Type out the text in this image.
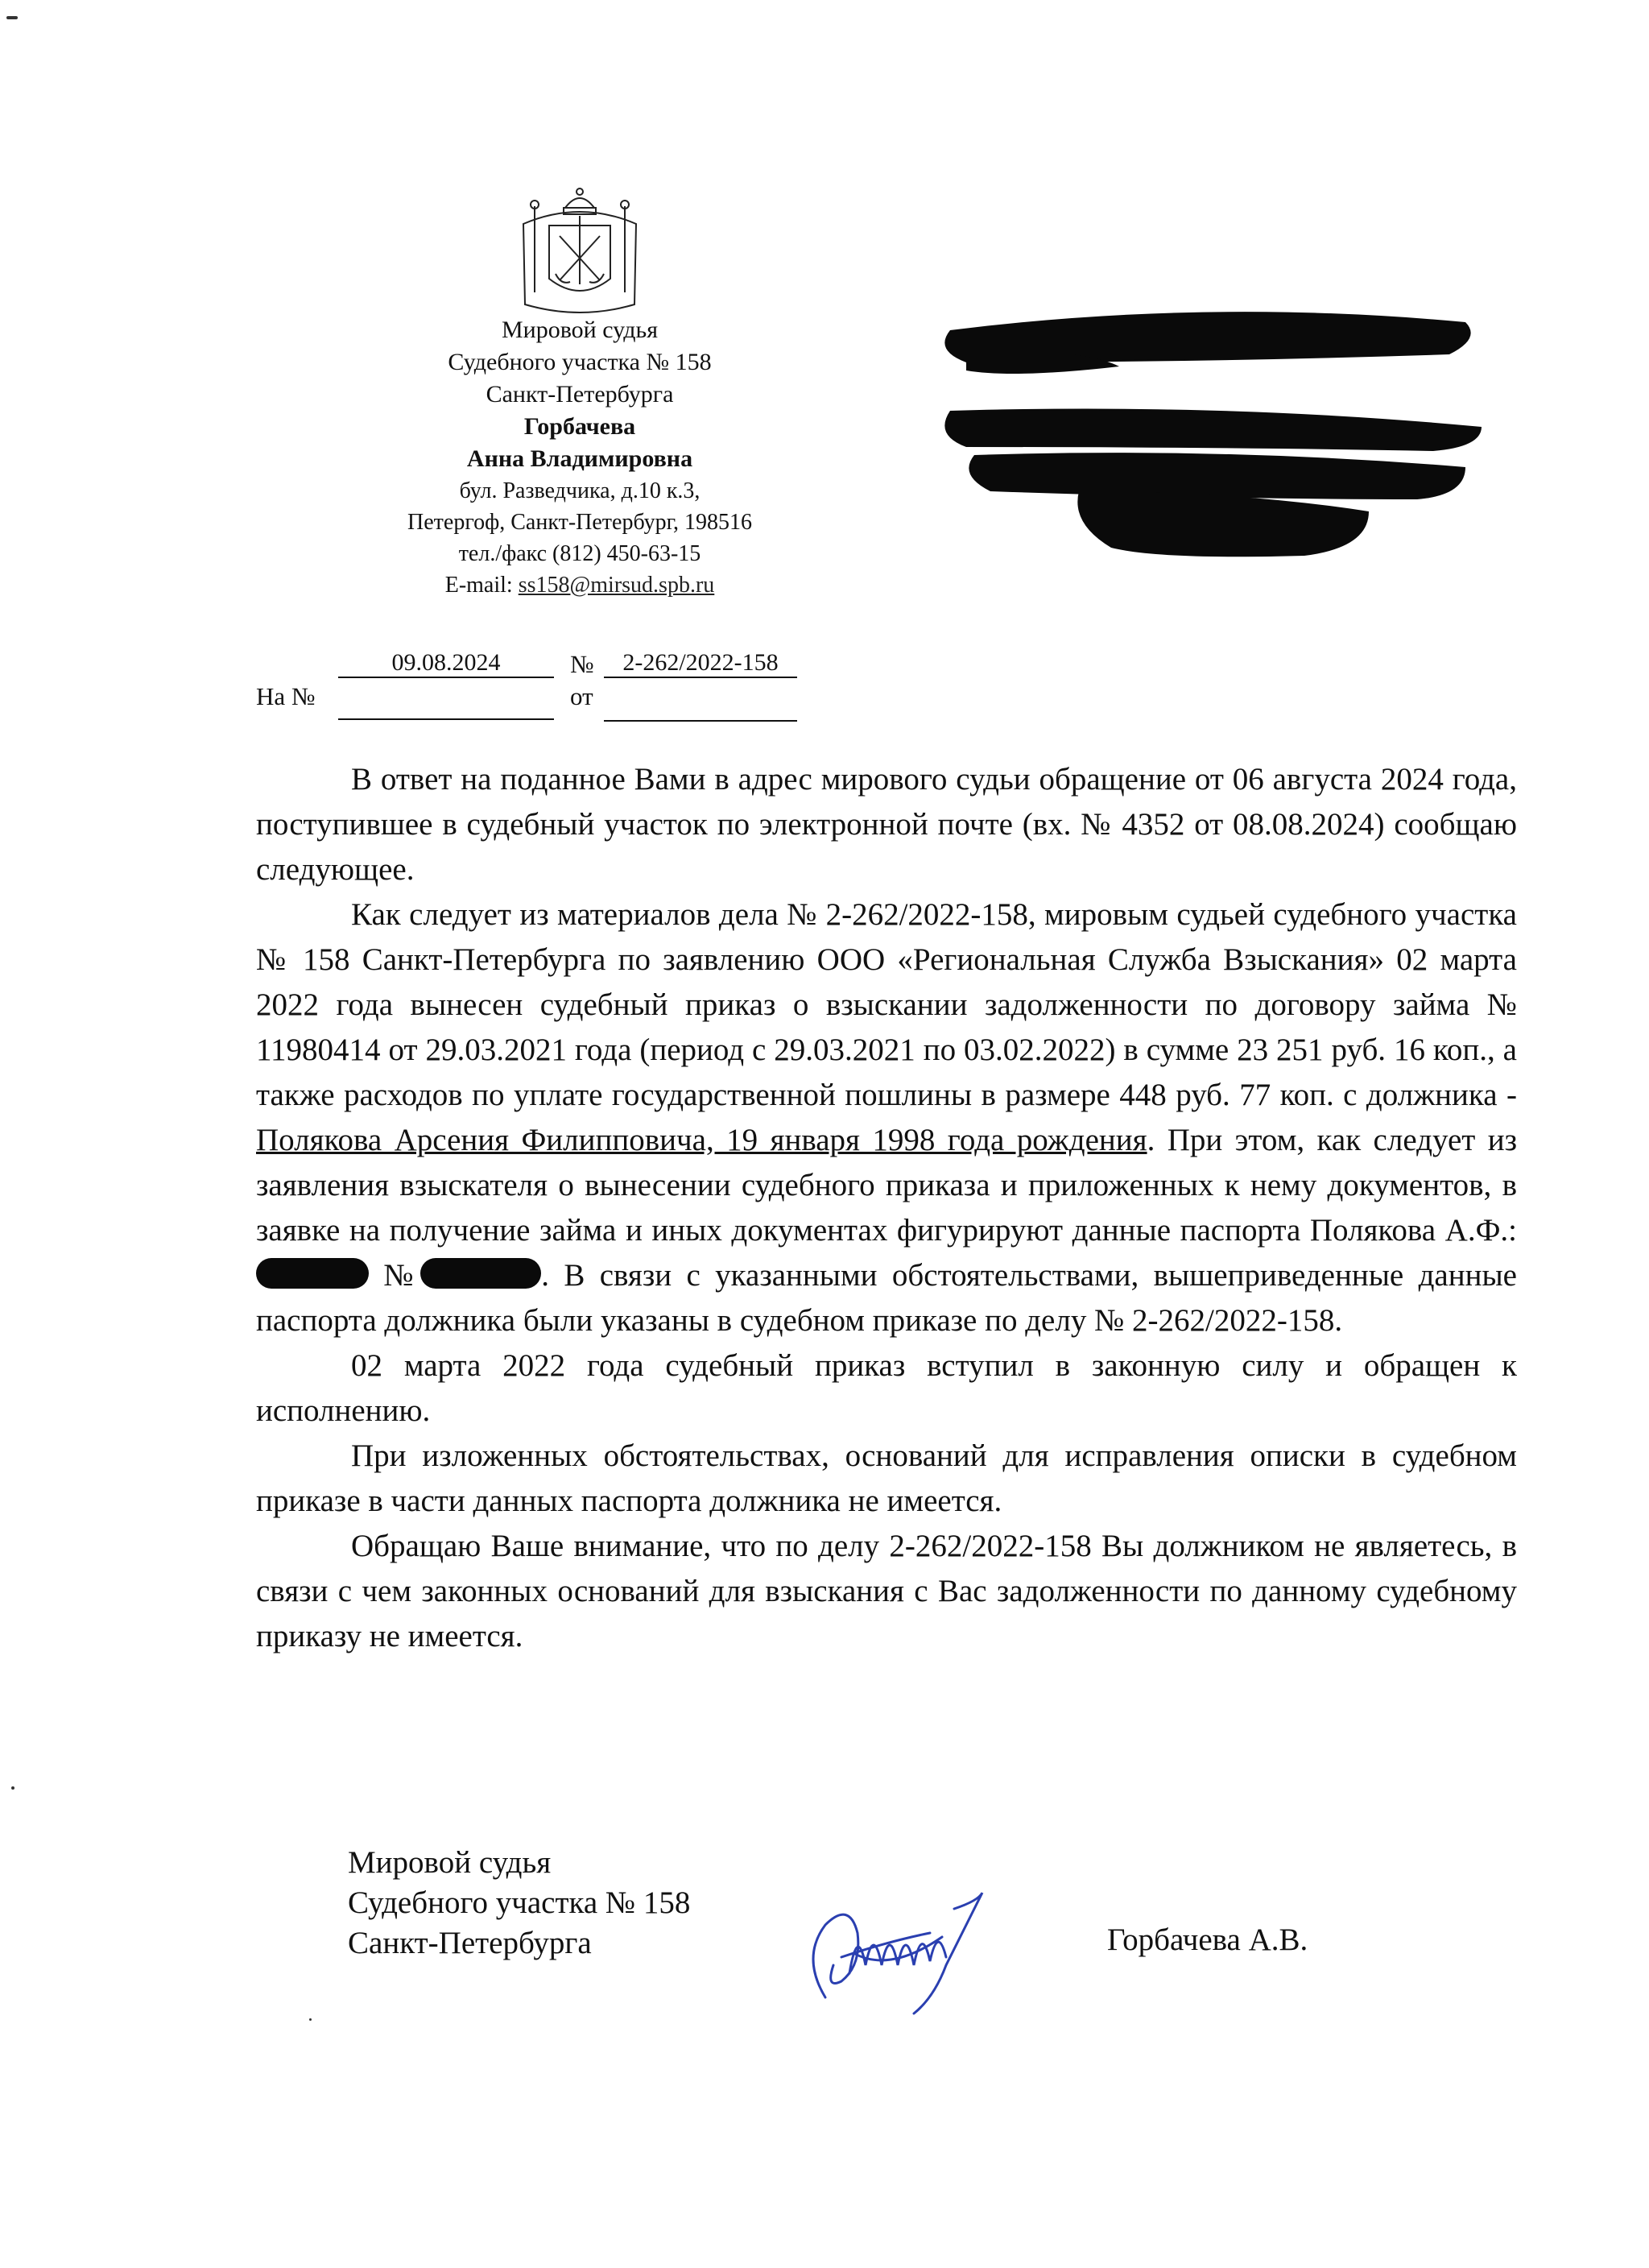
Мировой судья
Судебного участка № 158
Санкт-Петербурга
Горбачева
Анна Владимировна
бул. Разведчика, д.10 к.3,
Петергоф, Санкт-Петербург, 198516
тел./факс (812) 450-63-15
E-mail: ss158@mirsud.spb.ru
09.08.2024	№	2-262/2022-158
На №	от

В ответ на поданное Вами в адрес мирового судьи обращение от 06 августа 2024 года, поступившее в судебный участок по электронной почте (вх. № 4352 от 08.08.2024) сообщаю следующее.

Как следует из материалов дела № 2-262/2022-158, мировым судьей судебного участка № 158 Санкт-Петербурга по заявлению ООО «Региональная Служба Взыскания» 02 марта 2022 года вынесен судебный приказ о взыскании задолженности по договору займа № 11980414 от 29.03.2021 года (период с 29.03.2021 по 03.02.2022) в сумме 23 251 руб. 16 коп., а также расходов по уплате государственной пошлины в размере 448 руб. 77 коп. с должника - Полякова Арсения Филипповича, 19 января 1998 года рождения. При этом, как следует из заявления взыскателя о вынесении судебного приказа и приложенных к нему документов, в заявке на получение займа и иных документах фигурируют данные паспорта Полякова А.Ф.:  №	. В связи с указанными обстоятельствами, вышеприведенные данные паспорта должника были указаны в судебном приказе по делу № 2-262/2022-158.

02 марта 2022 года судебный приказ вступил в законную силу и обращен к исполнению.

При изложенных обстоятельствах, оснований для исправления описки в судебном приказе в части данных паспорта должника не имеется.

Обращаю Ваше внимание, что по делу 2-262/2022-158 Вы должником не являетесь, в связи с чем законных оснований для взыскания с Вас задолженности по данному судебному приказу не имеется.

Мировой судья
Судебного участка № 158
Санкт-Петербурга	Горбачева А.В.
